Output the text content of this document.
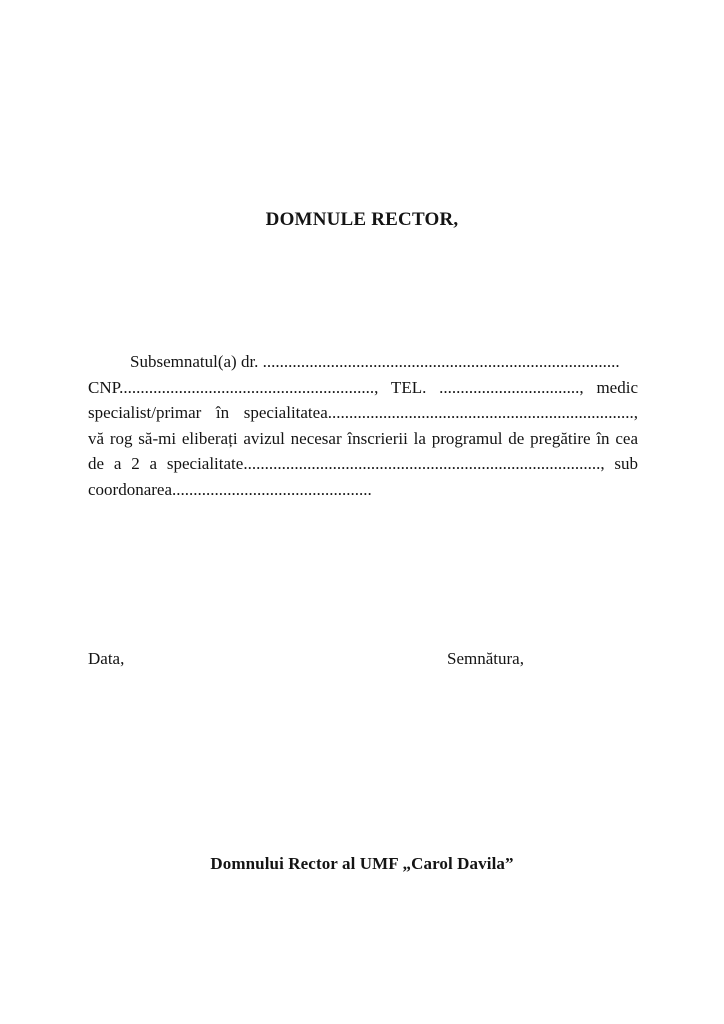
DOMNULE RECTOR,
Subsemnatul(a) dr. ....................................................................................
CNP............................................................, TEL. ................................., medic
specialist/primar în specialitatea........................................................................,
vă rog să-mi eliberați avizul necesar înscrierii la programul de pregătire în cea
de a 2 a specialitate...................................................................................., sub
coordonarea...............................................
Data,	Semnătura,
Domnului Rector al UMF „Carol Davila”
